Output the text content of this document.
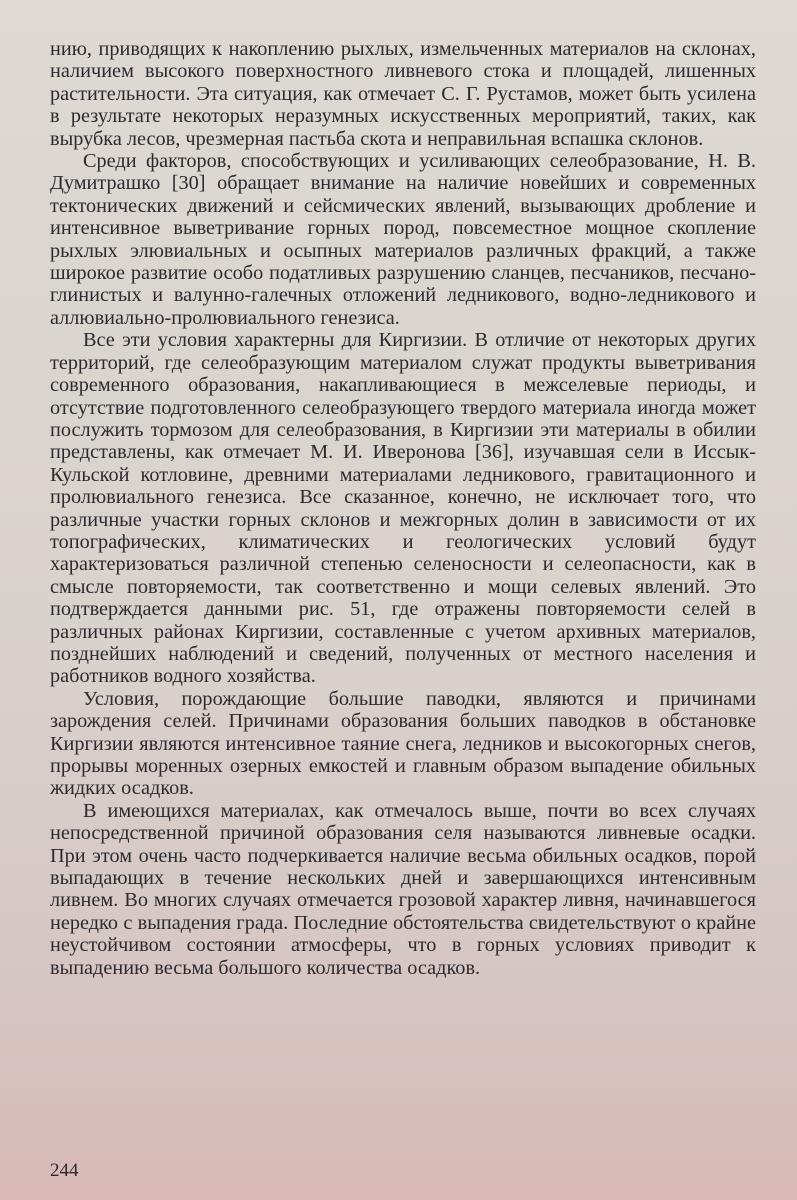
нию, приводящих к накоплению рыхлых, измельченных материалов на склонах, наличием высокого поверхностного ливневого стока и площадей, лишенных растительности. Эта ситуация, как отмечает С. Г. Рустамов, может быть усилена в результате некоторых неразумных искусственных мероприятий, таких, как вырубка лесов, чрезмерная пастьба скота и неправильная вспашка склонов.

Среди факторов, способствующих и усиливающих селеобразование, Н. В. Думитрашко [30] обращает внимание на наличие новейших и современных тектонических движений и сейсмических явлений, вызывающих дробление и интенсивное выветривание горных пород, повсеместное мощное скопление рыхлых элювиальных и осыпных материалов различных фракций, а также широкое развитие особо податливых разрушению сланцев, песчаников, песчано-глинистых и валунно-галечных отложений ледникового, водно-ледникового и аллювиально-пролювиального генезиса.

Все эти условия характерны для Киргизии. В отличие от некоторых других территорий, где селеобразующим материалом служат продукты выветривания современного образования, накапливающиеся в межселевые периоды, и отсутствие подготовленного селеобразующего твердого материала иногда может послужить тормозом для селеобразования, в Киргизии эти материалы в обилии представлены, как отмечает М. И. Иверонова [36], изучавшая сели в Иссык-Кульской котловине, древними материалами ледникового, гравитационного и пролювиального генезиса. Все сказанное, конечно, не исключает того, что различные участки горных склонов и межгорных долин в зависимости от их топографических, климатических и геологических условий будут характеризоваться различной степенью селеносности и селеопасности, как в смысле повторяемости, так соответственно и мощи селевых явлений. Это подтверждается данными рис. 51, где отражены повторяемости селей в различных районах Киргизии, составленные с учетом архивных материалов, позднейших наблюдений и сведений, полученных от местного населения и работников водного хозяйства.

Условия, порождающие большие паводки, являются и причинами зарождения селей. Причинами образования больших паводков в обстановке Киргизии являются интенсивное таяние снега, ледников и высокогорных снегов, прорывы моренных озерных емкостей и главным образом выпадение обильных жидких осадков.

В имеющихся материалах, как отмечалось выше, почти во всех случаях непосредственной причиной образования селя называются ливневые осадки. При этом очень часто подчеркивается наличие весьма обильных осадков, порой выпадающих в течение нескольких дней и завершающихся интенсивным ливнем. Во многих случаях отмечается грозовой характер ливня, начинавшегося нередко с выпадения града. Последние обстоятельства свидетельствуют о крайне неустойчивом состоянии атмосферы, что в горных условиях приводит к выпадению весьма большого количества осадков.

244
